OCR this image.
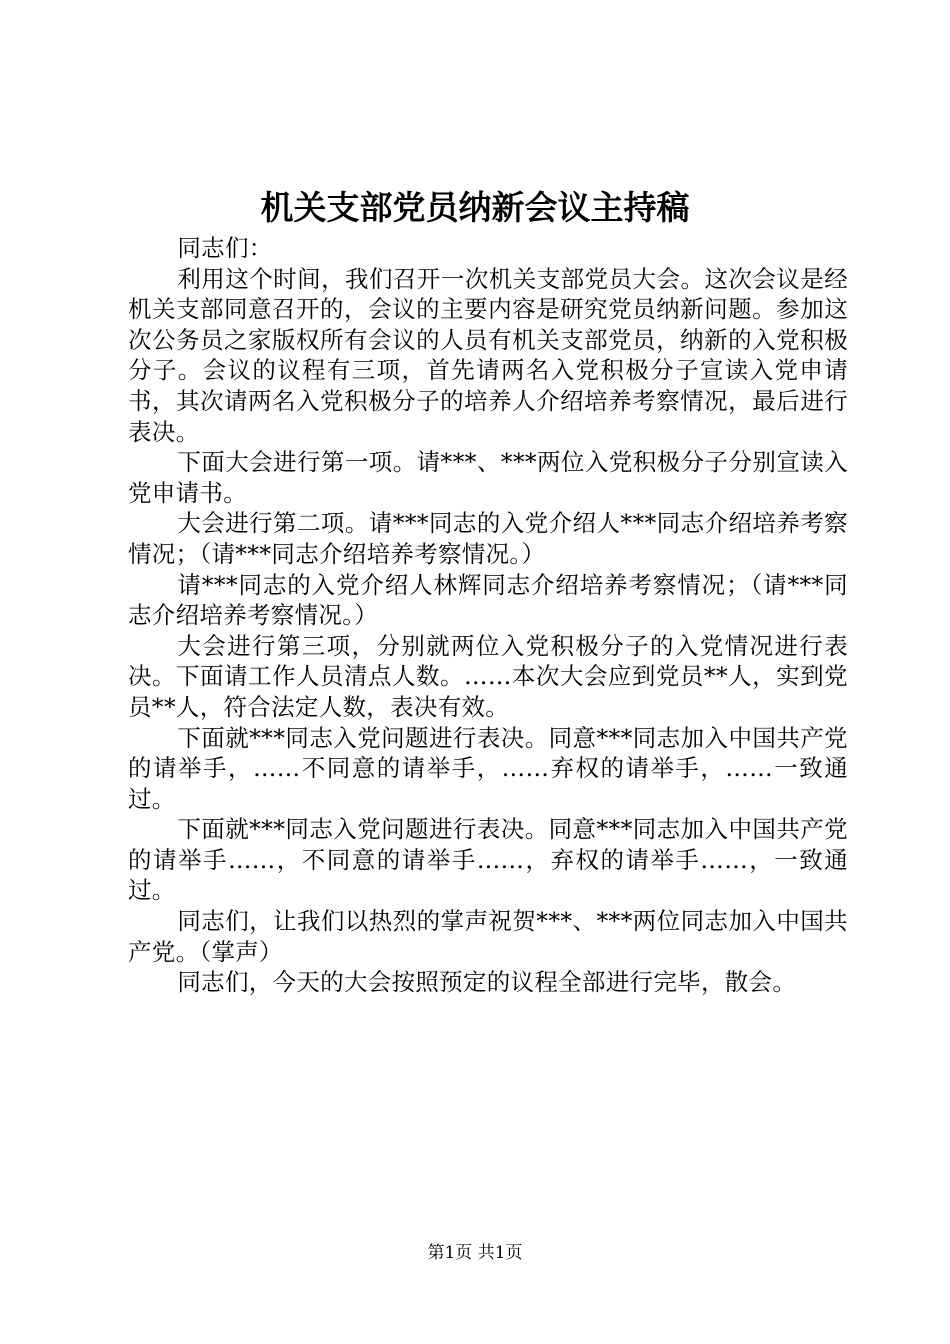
机关支部党员纳新会议主持稿

同志们：

利用这个时间，我们召开一次机关支部党员大会。这次会议是经机关支部同意召开的，会议的主要内容是研究党员纳新问题。参加这次公务员之家版权所有会议的人员有机关支部党员，纳新的入党积极分子。会议的议程有三项，首先请两名入党积极分子宣读入党申请书，其次请两名入党积极分子的培养人介绍培养考察情况，最后进行表决。

下面大会进行第一项。请***、***两位入党积极分子分别宣读入党申请书。

大会进行第二项。请***同志的入党介绍人***同志介绍培养考察情况；（请***同志介绍培养考察情况。）

请***同志的入党介绍人林辉同志介绍培养考察情况；（请***同志介绍培养考察情况。）

大会进行第三项，分别就两位入党积极分子的入党情况进行表决。下面请工作人员清点人数。……本次大会应到党员**人，实到党员**人，符合法定人数，表决有效。

下面就***同志入党问题进行表决。同意***同志加入中国共产党的请举手，……不同意的请举手，……弃权的请举手，……一致通过。

下面就***同志入党问题进行表决。同意***同志加入中国共产党的请举手……，不同意的请举手……，弃权的请举手……，一致通过。

同志们，让我们以热烈的掌声祝贺***、***两位同志加入中国共产党。（掌声）

同志们，今天的大会按照预定的议程全部进行完毕，散会。

第1页 共1页
